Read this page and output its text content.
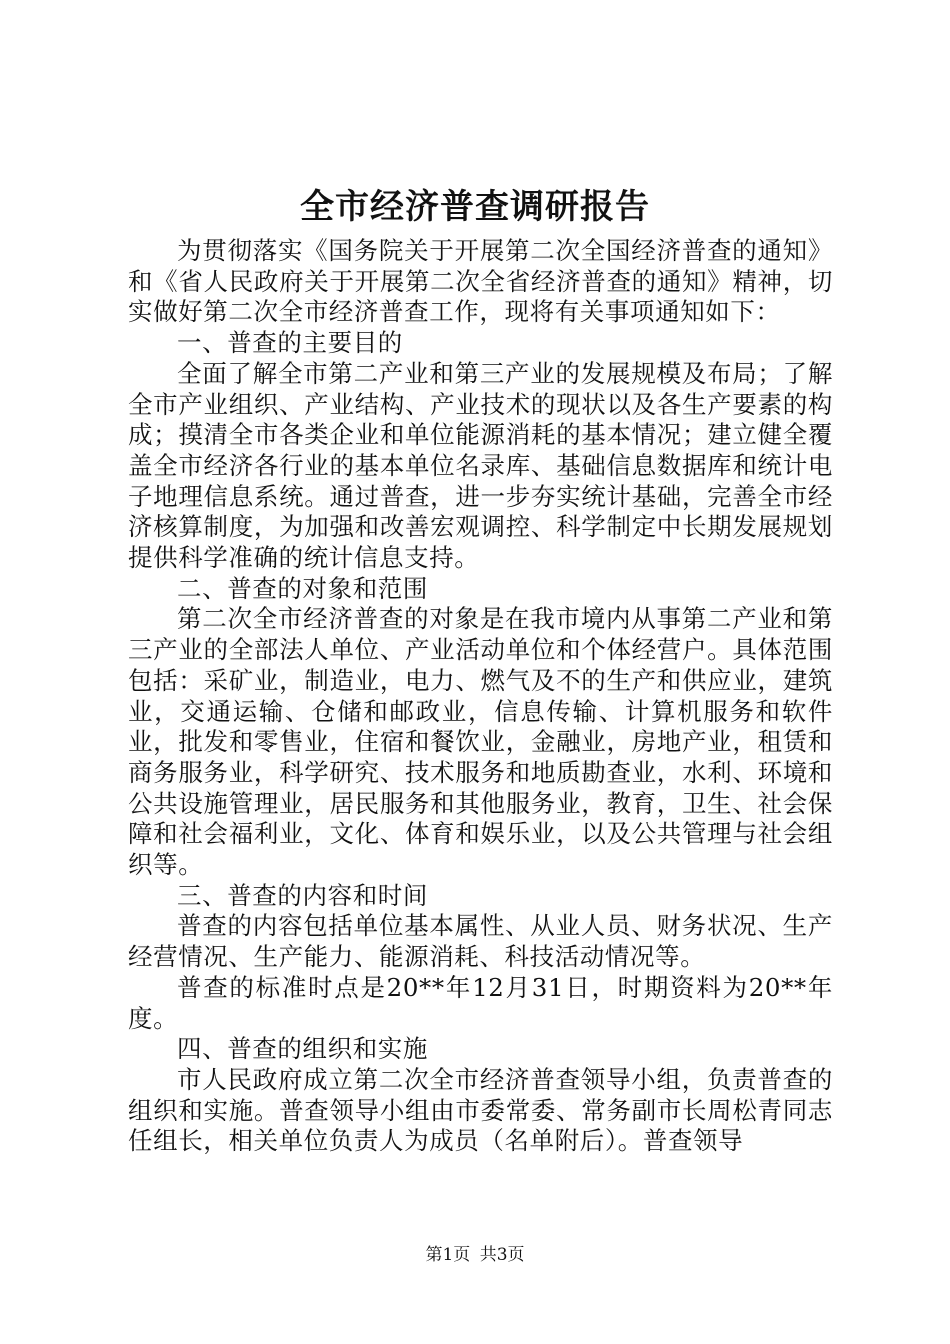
全市经济普查调研报告

为贯彻落实《国务院关于开展第二次全国经济普查的通知》和《省人民政府关于开展第二次全省经济普查的通知》精神，切实做好第二次全市经济普查工作，现将有关事项通知如下：

一、普查的主要目的

全面了解全市第二产业和第三产业的发展规模及布局；了解全市产业组织、产业结构、产业技术的现状以及各生产要素的构成；摸清全市各类企业和单位能源消耗的基本情况；建立健全覆盖全市经济各行业的基本单位名录库、基础信息数据库和统计电子地理信息系统。通过普查，进一步夯实统计基础，完善全市经济核算制度，为加强和改善宏观调控、科学制定中长期发展规划提供科学准确的统计信息支持。

二、普查的对象和范围

第二次全市经济普查的对象是在我市境内从事第二产业和第三产业的全部法人单位、产业活动单位和个体经营户。具体范围包括：采矿业，制造业，电力、燃气及不的生产和供应业，建筑业，交通运输、仓储和邮政业，信息传输、计算机服务和软件业，批发和零售业，住宿和餐饮业，金融业，房地产业，租赁和商务服务业，科学研究、技术服务和地质勘查业，水利、环境和公共设施管理业，居民服务和其他服务业，教育，卫生、社会保障和社会福利业，文化、体育和娱乐业，以及公共管理与社会组织等。

三、普查的内容和时间

普查的内容包括单位基本属性、从业人员、财务状况、生产经营情况、生产能力、能源消耗、科技活动情况等。

普查的标准时点是20**年12月31日，时期资料为20**年度。

四、普查的组织和实施

市人民政府成立第二次全市经济普查领导小组，负责普查的组织和实施。普查领导小组由市委常委、常务副市长周松青同志任组长，相关单位负责人为成员（名单附后）。普查领导

第1页 共3页
